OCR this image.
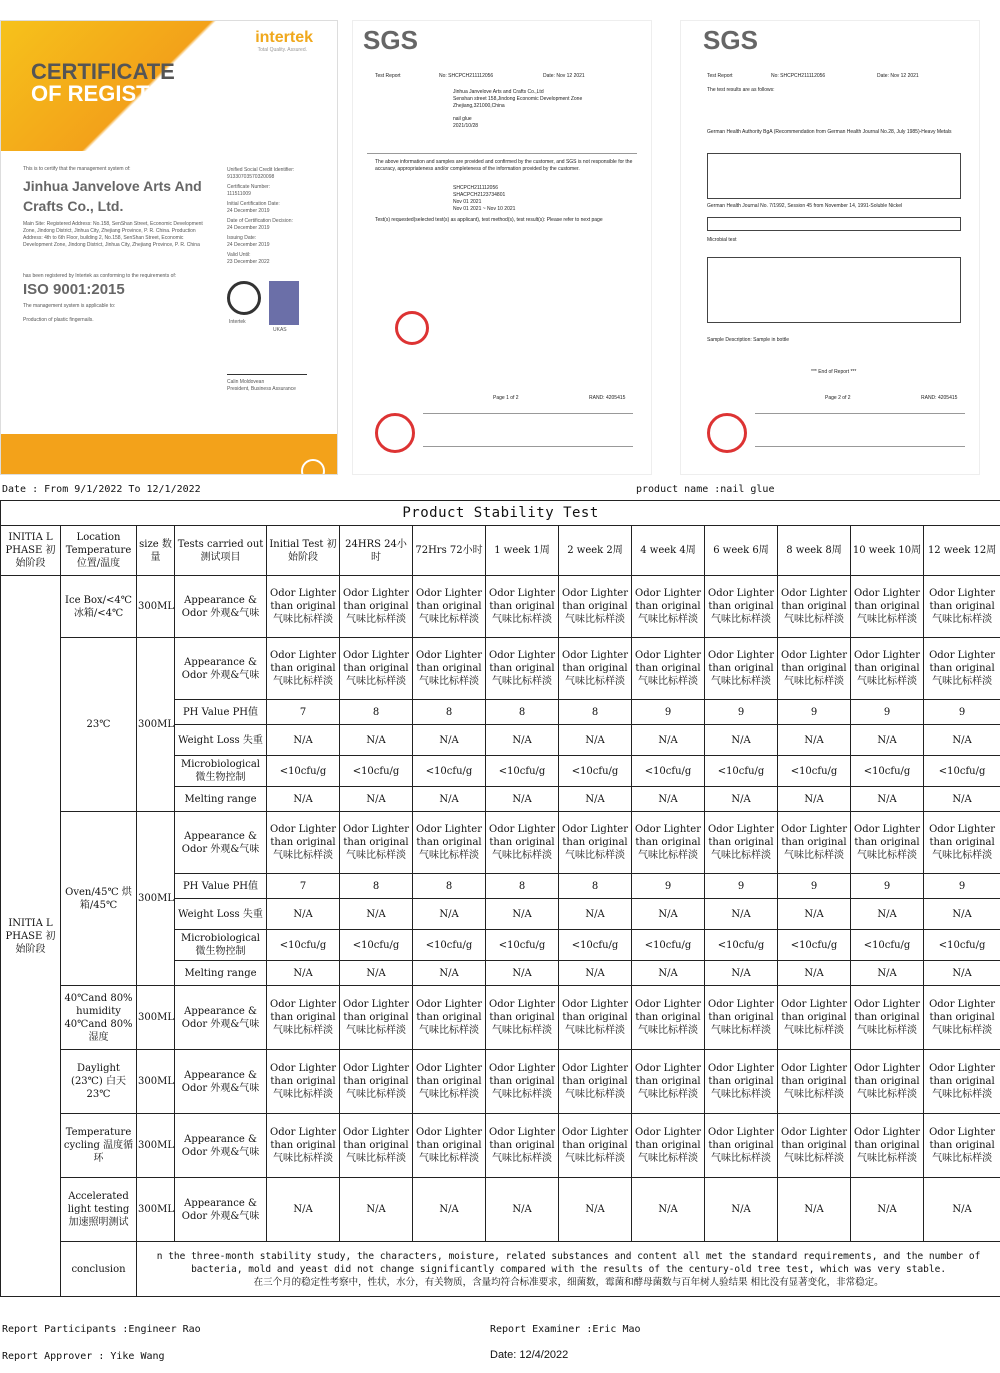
intertek
Total Quality. Assured.
CERTIFICATE
OF REGISTRATION
This is to certify that the management system of:
Jinhua Janvelove Arts And Crafts Co., Ltd.
Main Site: Registered Address: No.158, SenShan Street, Economic Development Zone, Jindong District, Jinhua City, Zhejiang Province, P. R. China. Production Address: 4th to 6th Floor, building 2, No.158, SenShan Street, Economic Development Zone, Jindong District, Jinhua City, Zhejiang Province, P. R. China
has been registered by Intertek as conforming to the requirements of:
ISO 9001:2015
The management system is applicable to:
Production of plastic fingernails.
Unified Social Credit Identifier:
91330703570320098
Certificate Number:
111511009
Initial Certification Date:
24 December 2019
Date of Certification Decision:
24 December 2019
Issuing Date:
24 December 2019
Valid Until:
23 December 2022
Intertek
UKAS
Calin Moldovean
President, Business Assurance
SGS
Test Report	No: SHCPCH211112056	Date: Nov 12 2021
Jinhua Janvelove Arts and Crafts Co.,Ltd
Senshan street 158,Jindong Economic Development Zone Zhejiang,321000,China
nail glue
2021/10/28
The above information and samples are provided and confirmed by the customer, and SGS is not responsible for the accuracy, appropriateness and/or completeness of the information provided by the customer.
SHCPCH211112056
SHACPCH2123734801
Nov 01 2021
Nov 01 2021 ~ Nov 10 2021
Test(s) requested(selected test(s) as applicant), test method(s), test result(s): Please refer to next page
Page 1 of 2	RAND: 4205415
SGS
Test Report	No: SHCPCH211112056	Date: Nov 12 2021
The test results are as follows:
German Health Authority BgA (Recommendation from German Health Journal No.28, July 1985)-Heavy Metals
German Health Journal No. 7/1992, Session 45 from November 14, 1991-Soluble Nickel
Microbial test
Sample Description: Sample in bottle
*** End of Report ***
Page 2 of 2	RAND: 4205415
Date : From 9/1/2022 To 12/1/2022	product name :nail glue
Product Stability Test													
INITIA L PHASE 初始阶段	Location Temperature 位置/温度	size 数量	Tests carried out 测试项目	Initial Test 初始阶段	24HRS 24小时	72Hrs 72小时	1 week 1周	2 week 2周	4 week 4周	6 week 6周	8 week 8周	10 week 10周	12 week 12周
INITIA L PHASE 初始阶段	Ice Box/<4℃ 冰箱/<4℃	300ML	Appearance & Odor 外观&气味	Odor Lighter than original 气味比标样淡	Odor Lighter than original 气味比标样淡	Odor Lighter than original 气味比标样淡	Odor Lighter than original 气味比标样淡	Odor Lighter than original 气味比标样淡	Odor Lighter than original 气味比标样淡	Odor Lighter than original 气味比标样淡	Odor Lighter than original 气味比标样淡	Odor Lighter than original 气味比标样淡	Odor Lighter than original 气味比标样淡
	23℃	300ML	Appearance & Odor 外观&气味	Odor Lighter than original 气味比标样淡	Odor Lighter than original 气味比标样淡	Odor Lighter than original 气味比标样淡	Odor Lighter than original 气味比标样淡	Odor Lighter than original 气味比标样淡	Odor Lighter than original 气味比标样淡	Odor Lighter than original 气味比标样淡	Odor Lighter than original 气味比标样淡	Odor Lighter than original 气味比标样淡	Odor Lighter than original 气味比标样淡
			PH Value PH值	7	8	8	8	8	9	9	9	9	9
			Weight Loss 失重	N/A	N/A	N/A	N/A	N/A	N/A	N/A	N/A	N/A	N/A
			Microbiological 微生物控制	<10cfu/g	<10cfu/g	<10cfu/g	<10cfu/g	<10cfu/g	<10cfu/g	<10cfu/g	<10cfu/g	<10cfu/g	<10cfu/g
			Melting range	N/A	N/A	N/A	N/A	N/A	N/A	N/A	N/A	N/A	N/A
	Oven/45℃ 烘箱/45℃	300ML	Appearance & Odor 外观&气味	Odor Lighter than original 气味比标样淡	Odor Lighter than original 气味比标样淡	Odor Lighter than original 气味比标样淡	Odor Lighter than original 气味比标样淡	Odor Lighter than original 气味比标样淡	Odor Lighter than original 气味比标样淡	Odor Lighter than original 气味比标样淡	Odor Lighter than original 气味比标样淡	Odor Lighter than original 气味比标样淡	Odor Lighter than original 气味比标样淡
			PH Value PH值	7	8	8	8	8	9	9	9	9	9
			Weight Loss 失重	N/A	N/A	N/A	N/A	N/A	N/A	N/A	N/A	N/A	N/A
			Microbiological 微生物控制	<10cfu/g	<10cfu/g	<10cfu/g	<10cfu/g	<10cfu/g	<10cfu/g	<10cfu/g	<10cfu/g	<10cfu/g	<10cfu/g
			Melting range	N/A	N/A	N/A	N/A	N/A	N/A	N/A	N/A	N/A	N/A
	40℃and 80% humidity 40℃and 80% 湿度	300ML	Appearance & Odor 外观&气味	Odor Lighter than original 气味比标样淡	Odor Lighter than original 气味比标样淡	Odor Lighter than original 气味比标样淡	Odor Lighter than original 气味比标样淡	Odor Lighter than original 气味比标样淡	Odor Lighter than original 气味比标样淡	Odor Lighter than original 气味比标样淡	Odor Lighter than original 气味比标样淡	Odor Lighter than original 气味比标样淡	Odor Lighter than original 气味比标样淡
	Daylight (23℃) 白天23℃	300ML	Appearance & Odor 外观&气味	Odor Lighter than original 气味比标样淡	Odor Lighter than original 气味比标样淡	Odor Lighter than original 气味比标样淡	Odor Lighter than original 气味比标样淡	Odor Lighter than original 气味比标样淡	Odor Lighter than original 气味比标样淡	Odor Lighter than original 气味比标样淡	Odor Lighter than original 气味比标样淡	Odor Lighter than original 气味比标样淡	Odor Lighter than original 气味比标样淡
	Temperature cycling 温度循环	300ML	Appearance & Odor 外观&气味	Odor Lighter than original 气味比标样淡	Odor Lighter than original 气味比标样淡	Odor Lighter than original 气味比标样淡	Odor Lighter than original 气味比标样淡	Odor Lighter than original 气味比标样淡	Odor Lighter than original 气味比标样淡	Odor Lighter than original 气味比标样淡	Odor Lighter than original 气味比标样淡	Odor Lighter than original 气味比标样淡	Odor Lighter than original 气味比标样淡
	Accelerated light testing 加速照明测试	300ML	Appearance & Odor 外观&气味	N/A	N/A	N/A	N/A	N/A	N/A	N/A	N/A	N/A	N/A
	conclusion	n the three-month stability study, the characters, moisture, related substances and content all met the standard requirements, and the number of bacteria, mold and yeast did not change significantly compared with the results of the century-old tree test, which was very stable.
在三个月的稳定性考察中，性状，水分，有关物质，含量均符合标准要求，细菌数，霉菌和酵母菌数与百年树人验结果 相比没有显著变化，非常稳定。											
Report Participants :Engineer Rao	Report Examiner :Eric Mao
Report Approver : Yike Wang	Date: 12/4/2022
